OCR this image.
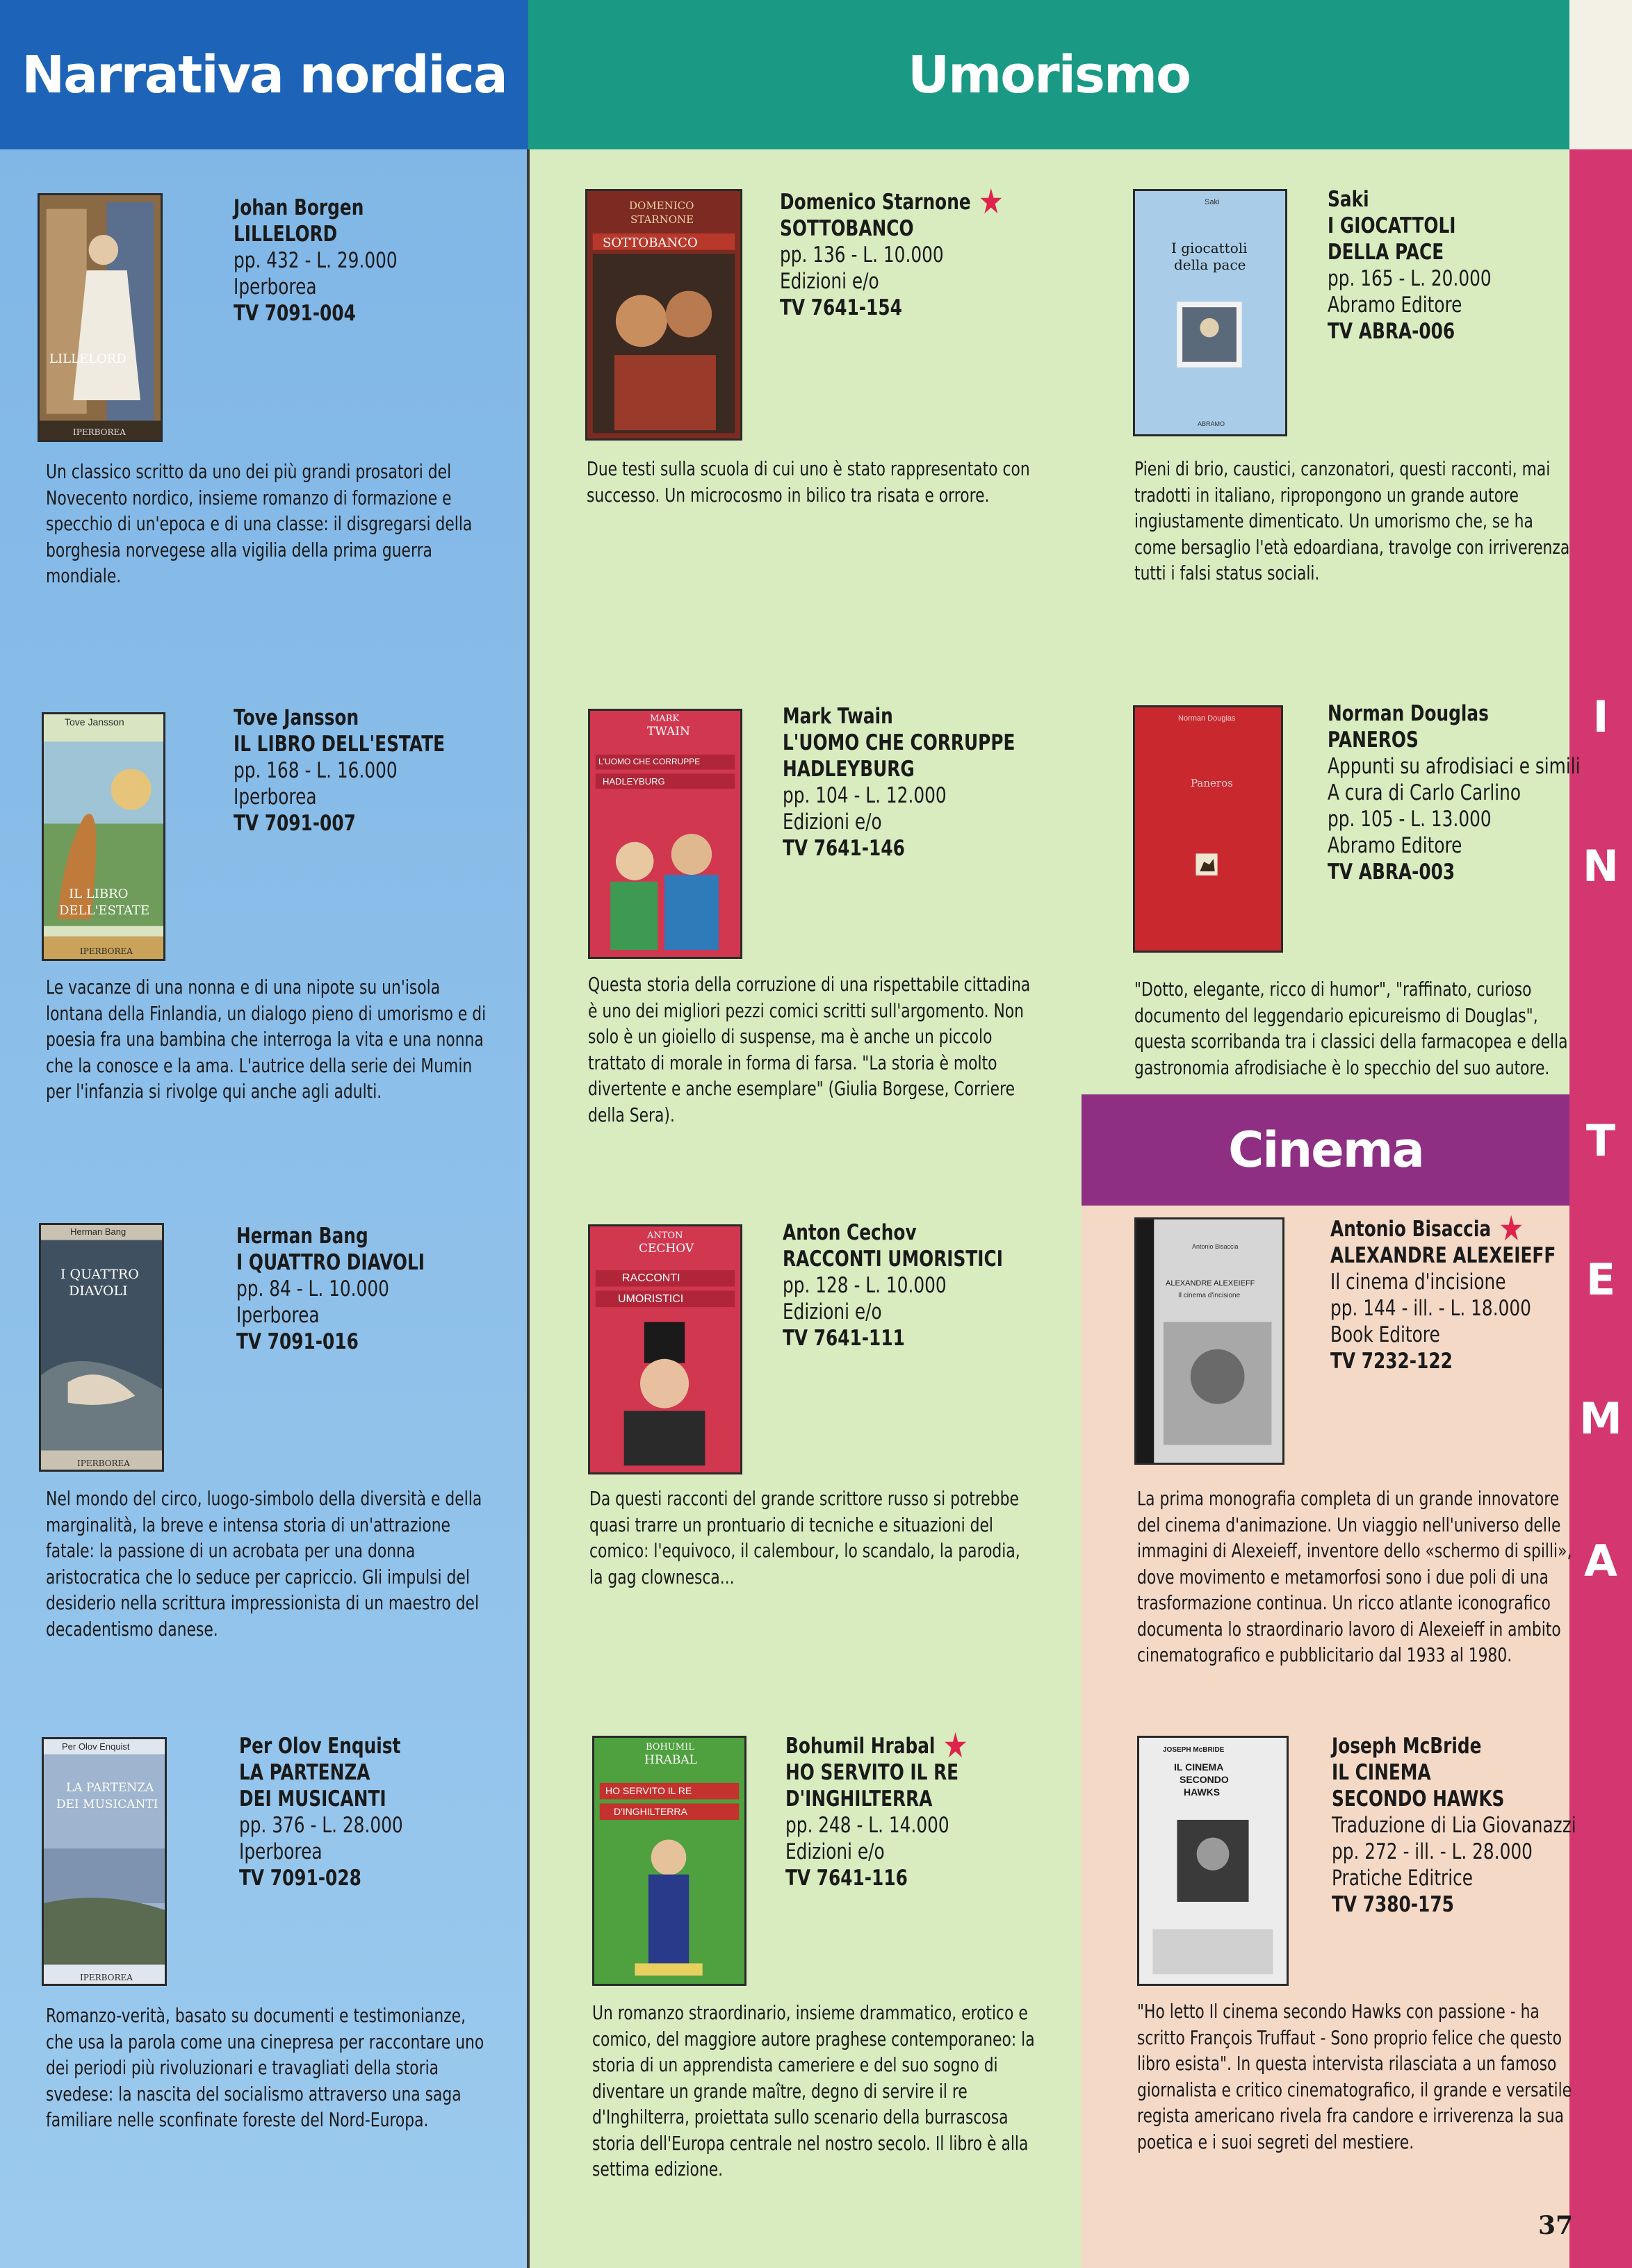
Narrativa nordica	Umorismo
Cinema
I
N
T
E
M
A
LILLELORD
IPERBOREA
Johan Borgen
LILLELORD
pp. 432 - L. 29.000
Iperborea
TV 7091-004
Un classico scritto da uno dei più grandi prosatori del Novecento nordico, insieme romanzo di formazione e specchio di un'epoca e di una classe: il disgregarsi della borghesia norvegese alla vigilia della prima guerra mondiale.
Tove Jansson
IL LIBRO
DELL'ESTATE
IPERBOREA
Tove Jansson
IL LIBRO DELL'ESTATE
pp. 168 - L. 16.000
Iperborea
TV 7091-007
Le vacanze di una nonna e di una nipote su un'isola lontana della Finlandia, un dialogo pieno di umorismo e di poesia fra una bambina che interroga la vita e una nonna che la conosce e la ama. L'autrice della serie dei Mumin per l'infanzia si rivolge qui anche agli adulti.
Herman Bang
I QUATTRO
DIAVOLI
IPERBOREA
Herman Bang
I QUATTRO DIAVOLI
pp. 84 - L. 10.000
Iperborea
TV 7091-016
Nel mondo del circo, luogo-simbolo della diversità e della marginalità, la breve e intensa storia di un'attrazione fatale: la passione di un acrobata per una donna aristocratica che lo seduce per capriccio. Gli impulsi del desiderio nella scrittura impressionista di un maestro del decadentismo danese.
Per Olov Enquist
LA PARTENZA
DEI MUSICANTI
IPERBOREA
Per Olov Enquist
LA PARTENZA
DEI MUSICANTI
pp. 376 - L. 28.000
Iperborea
TV 7091-028
Romanzo-verità, basato su documenti e testimonianze, che usa la parola come una cinepresa per raccontare uno dei periodi più rivoluzionari e travagliati della storia svedese: la nascita del socialismo attraverso una saga familiare nelle sconfinate foreste del Nord-Europa.
DOMENICO
STARNONE
SOTTOBANCO
Domenico Starnone ★
SOTTOBANCO
pp. 136 - L. 10.000
Edizioni e/o
TV 7641-154
Due testi sulla scuola di cui uno è stato rappresentato con successo. Un microcosmo in bilico tra risata e orrore.
MARK
TWAIN
L'UOMO CHE CORRUPPE
HADLEYBURG
Mark Twain
L'UOMO CHE CORRUPPE
HADLEYBURG
pp. 104 - L. 12.000
Edizioni e/o
TV 7641-146
Questa storia della corruzione di una rispettabile cittadina è uno dei migliori pezzi comici scritti sull'argomento. Non solo è un gioiello di suspense, ma è anche un piccolo trattato di morale in forma di farsa. "La storia è molto divertente e anche esemplare" (Giulia Borgese, Corriere della Sera).
ANTON
CECHOV
RACCONTI
UMORISTICI
Anton Cechov
RACCONTI UMORISTICI
pp. 128 - L. 10.000
Edizioni e/o
TV 7641-111
Da questi racconti del grande scrittore russo si potrebbe quasi trarre un prontuario di tecniche e situazioni del comico: l'equivoco, il calembour, lo scandalo, la parodia, la gag clownesca...
BOHUMIL
HRABAL
HO SERVITO IL RE
D'INGHILTERRA
Bohumil Hrabal ★
HO SERVITO IL RE
D'INGHILTERRA
pp. 248 - L. 14.000
Edizioni e/o
TV 7641-116
Un romanzo straordinario, insieme drammatico, erotico e comico, del maggiore autore praghese contemporaneo: la storia di un apprendista cameriere e del suo sogno di diventare un grande maître, degno di servire il re d'Inghilterra, proiettata sullo scenario della burrascosa storia dell'Europa centrale nel nostro secolo. Il libro è alla settima edizione.
Saki
I giocattoli
della pace
ABRAMO
Saki
I GIOCATTOLI
DELLA PACE
pp. 165 - L. 20.000
Abramo Editore
TV ABRA-006
Pieni di brio, caustici, canzonatori, questi racconti, mai tradotti in italiano, ripropongono un grande autore ingiustamente dimenticato. Un umorismo che, se ha come bersaglio l'età edoardiana, travolge con irriverenza tutti i falsi status sociali.
Norman Douglas
Paneros
Norman Douglas
PANEROS
Appunti su afrodisiaci e simili
A cura di Carlo Carlino
pp. 105 - L. 13.000
Abramo Editore
TV ABRA-003
"Dotto, elegante, ricco di humor", "raffinato, curioso documento del leggendario epicureismo di Douglas", questa scorribanda tra i classici della farmacopea e della gastronomia afrodisiache è lo specchio del suo autore.
Antonio Bisaccia
ALEXANDRE ALEXEIEFF
Il cinema d'incisione
Antonio Bisaccia ★
ALEXANDRE ALEXEIEFF
Il cinema d'incisione
pp. 144 - ill. - L. 18.000
Book Editore
TV 7232-122
La prima monografia completa di un grande innovatore del cinema d'animazione. Un viaggio nell'universo delle immagini di Alexeieff, inventore dello «schermo di spilli», dove movimento e metamorfosi sono i due poli di una trasformazione continua. Un ricco atlante iconografico documenta lo straordinario lavoro di Alexeieff in ambito cinematografico e pubblicitario dal 1933 al 1980.
JOSEPH McBRIDE
IL CINEMA
SECONDO
HAWKS
Joseph McBride
IL CINEMA
SECONDO HAWKS
Traduzione di Lia Giovanazzi
pp. 272 - ill. - L. 28.000
Pratiche Editrice
TV 7380-175
"Ho letto Il cinema secondo Hawks con passione - ha scritto François Truffaut - Sono proprio felice che questo libro esista". In questa intervista rilasciata a un famoso giornalista e critico cinematografico, il grande e versatile regista americano rivela fra candore e irriverenza la sua poetica e i suoi segreti del mestiere.
37
